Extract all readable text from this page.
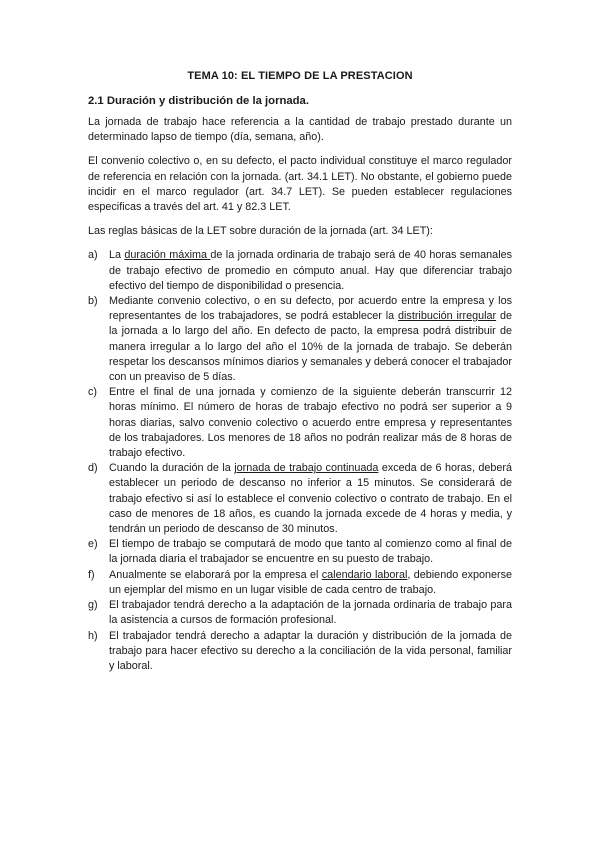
TEMA 10: EL TIEMPO DE LA PRESTACION
2.1 Duración y distribución de la jornada.

La jornada de trabajo hace referencia a la cantidad de trabajo prestado durante un determinado lapso de tiempo (día, semana, año).

El convenio colectivo o, en su defecto, el pacto individual constituye el marco regulador de referencia en relación con la jornada. (art. 34.1 LET). No obstante, el gobierno puede incidir en el marco regulador (art. 34.7 LET). Se pueden establecer regulaciones especificas a través del art. 41 y 82.3 LET.

Las reglas básicas de la LET sobre duración de la jornada (art. 34 LET):

a) La duración máxima de la jornada ordinaria de trabajo será de 40 horas semanales de trabajo efectivo de promedio en cómputo anual. Hay que diferenciar trabajo efectivo del tiempo de disponibilidad o presencia.
b) Mediante convenio colectivo, o en su defecto, por acuerdo entre la empresa y los representantes de los trabajadores, se podrá establecer la distribución irregular de la jornada a lo largo del año. En defecto de pacto, la empresa podrá distribuir de manera irregular a lo largo del año el 10% de la jornada de trabajo. Se deberán respetar los descansos mínimos diarios y semanales y deberá conocer el trabajador con un preaviso de 5 días.
c) Entre el final de una jornada y comienzo de la siguiente deberán transcurrir 12 horas mínimo. El número de horas de trabajo efectivo no podrá ser superior a 9 horas diarias, salvo convenio colectivo o acuerdo entre empresa y representantes de los trabajadores. Los menores de 18 años no podrán realizar más de 8 horas de trabajo efectivo.
d) Cuando la duración de la jornada de trabajo continuada exceda de 6 horas, deberá establecer un periodo de descanso no inferior a 15 minutos. Se considerará de trabajo efectivo si así lo establece el convenio colectivo o contrato de trabajo. En el caso de menores de 18 años, es cuando la jornada excede de 4 horas y media, y tendrán un periodo de descanso de 30 minutos.
e) El tiempo de trabajo se computará de modo que tanto al comienzo como al final de la jornada diaria el trabajador se encuentre en su puesto de trabajo.
f) Anualmente se elaborará por la empresa el calendario laboral, debiendo exponerse un ejemplar del mismo en un lugar visible de cada centro de trabajo.
g) El trabajador tendrá derecho a la adaptación de la jornada ordinaria de trabajo para la asistencia a cursos de formación profesional.
h) El trabajador tendrá derecho a adaptar la duración y distribución de la jornada de trabajo para hacer efectivo su derecho a la conciliación de la vida personal, familiar y laboral.
